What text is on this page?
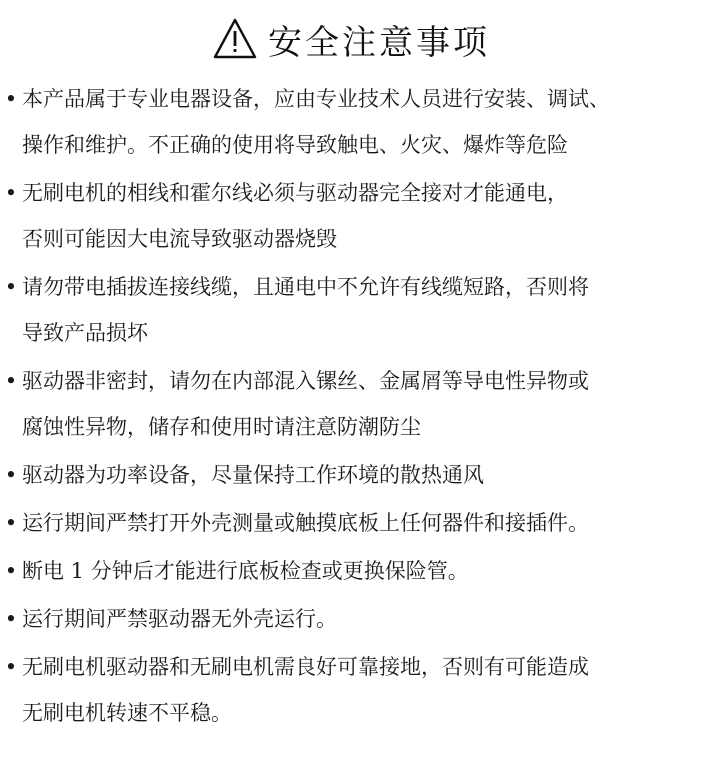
安全注意事项
• 本产品属于专业电器设备，应由专业技术人员进行安装、调试、
操作和维护。不正确的使用将导致触电、火灾、爆炸等危险
• 无刷电机的相线和霍尔线必须与驱动器完全接对才能通电，
否则可能因大电流导致驱动器烧毁
• 请勿带电插拔连接线缆，且通电中不允许有线缆短路，否则将
导致产品损坏
• 驱动器非密封，请勿在内部混入镙丝、金属屑等导电性异物或
腐蚀性异物，储存和使用时请注意防潮防尘
• 驱动器为功率设备，尽量保持工作环境的散热通风
• 运行期间严禁打开外壳测量或触摸底板上任何器件和接插件。
• 断电 1 分钟后才能进行底板检查或更换保险管。
• 运行期间严禁驱动器无外壳运行。
• 无刷电机驱动器和无刷电机需良好可靠接地，否则有可能造成
无刷电机转速不平稳。
